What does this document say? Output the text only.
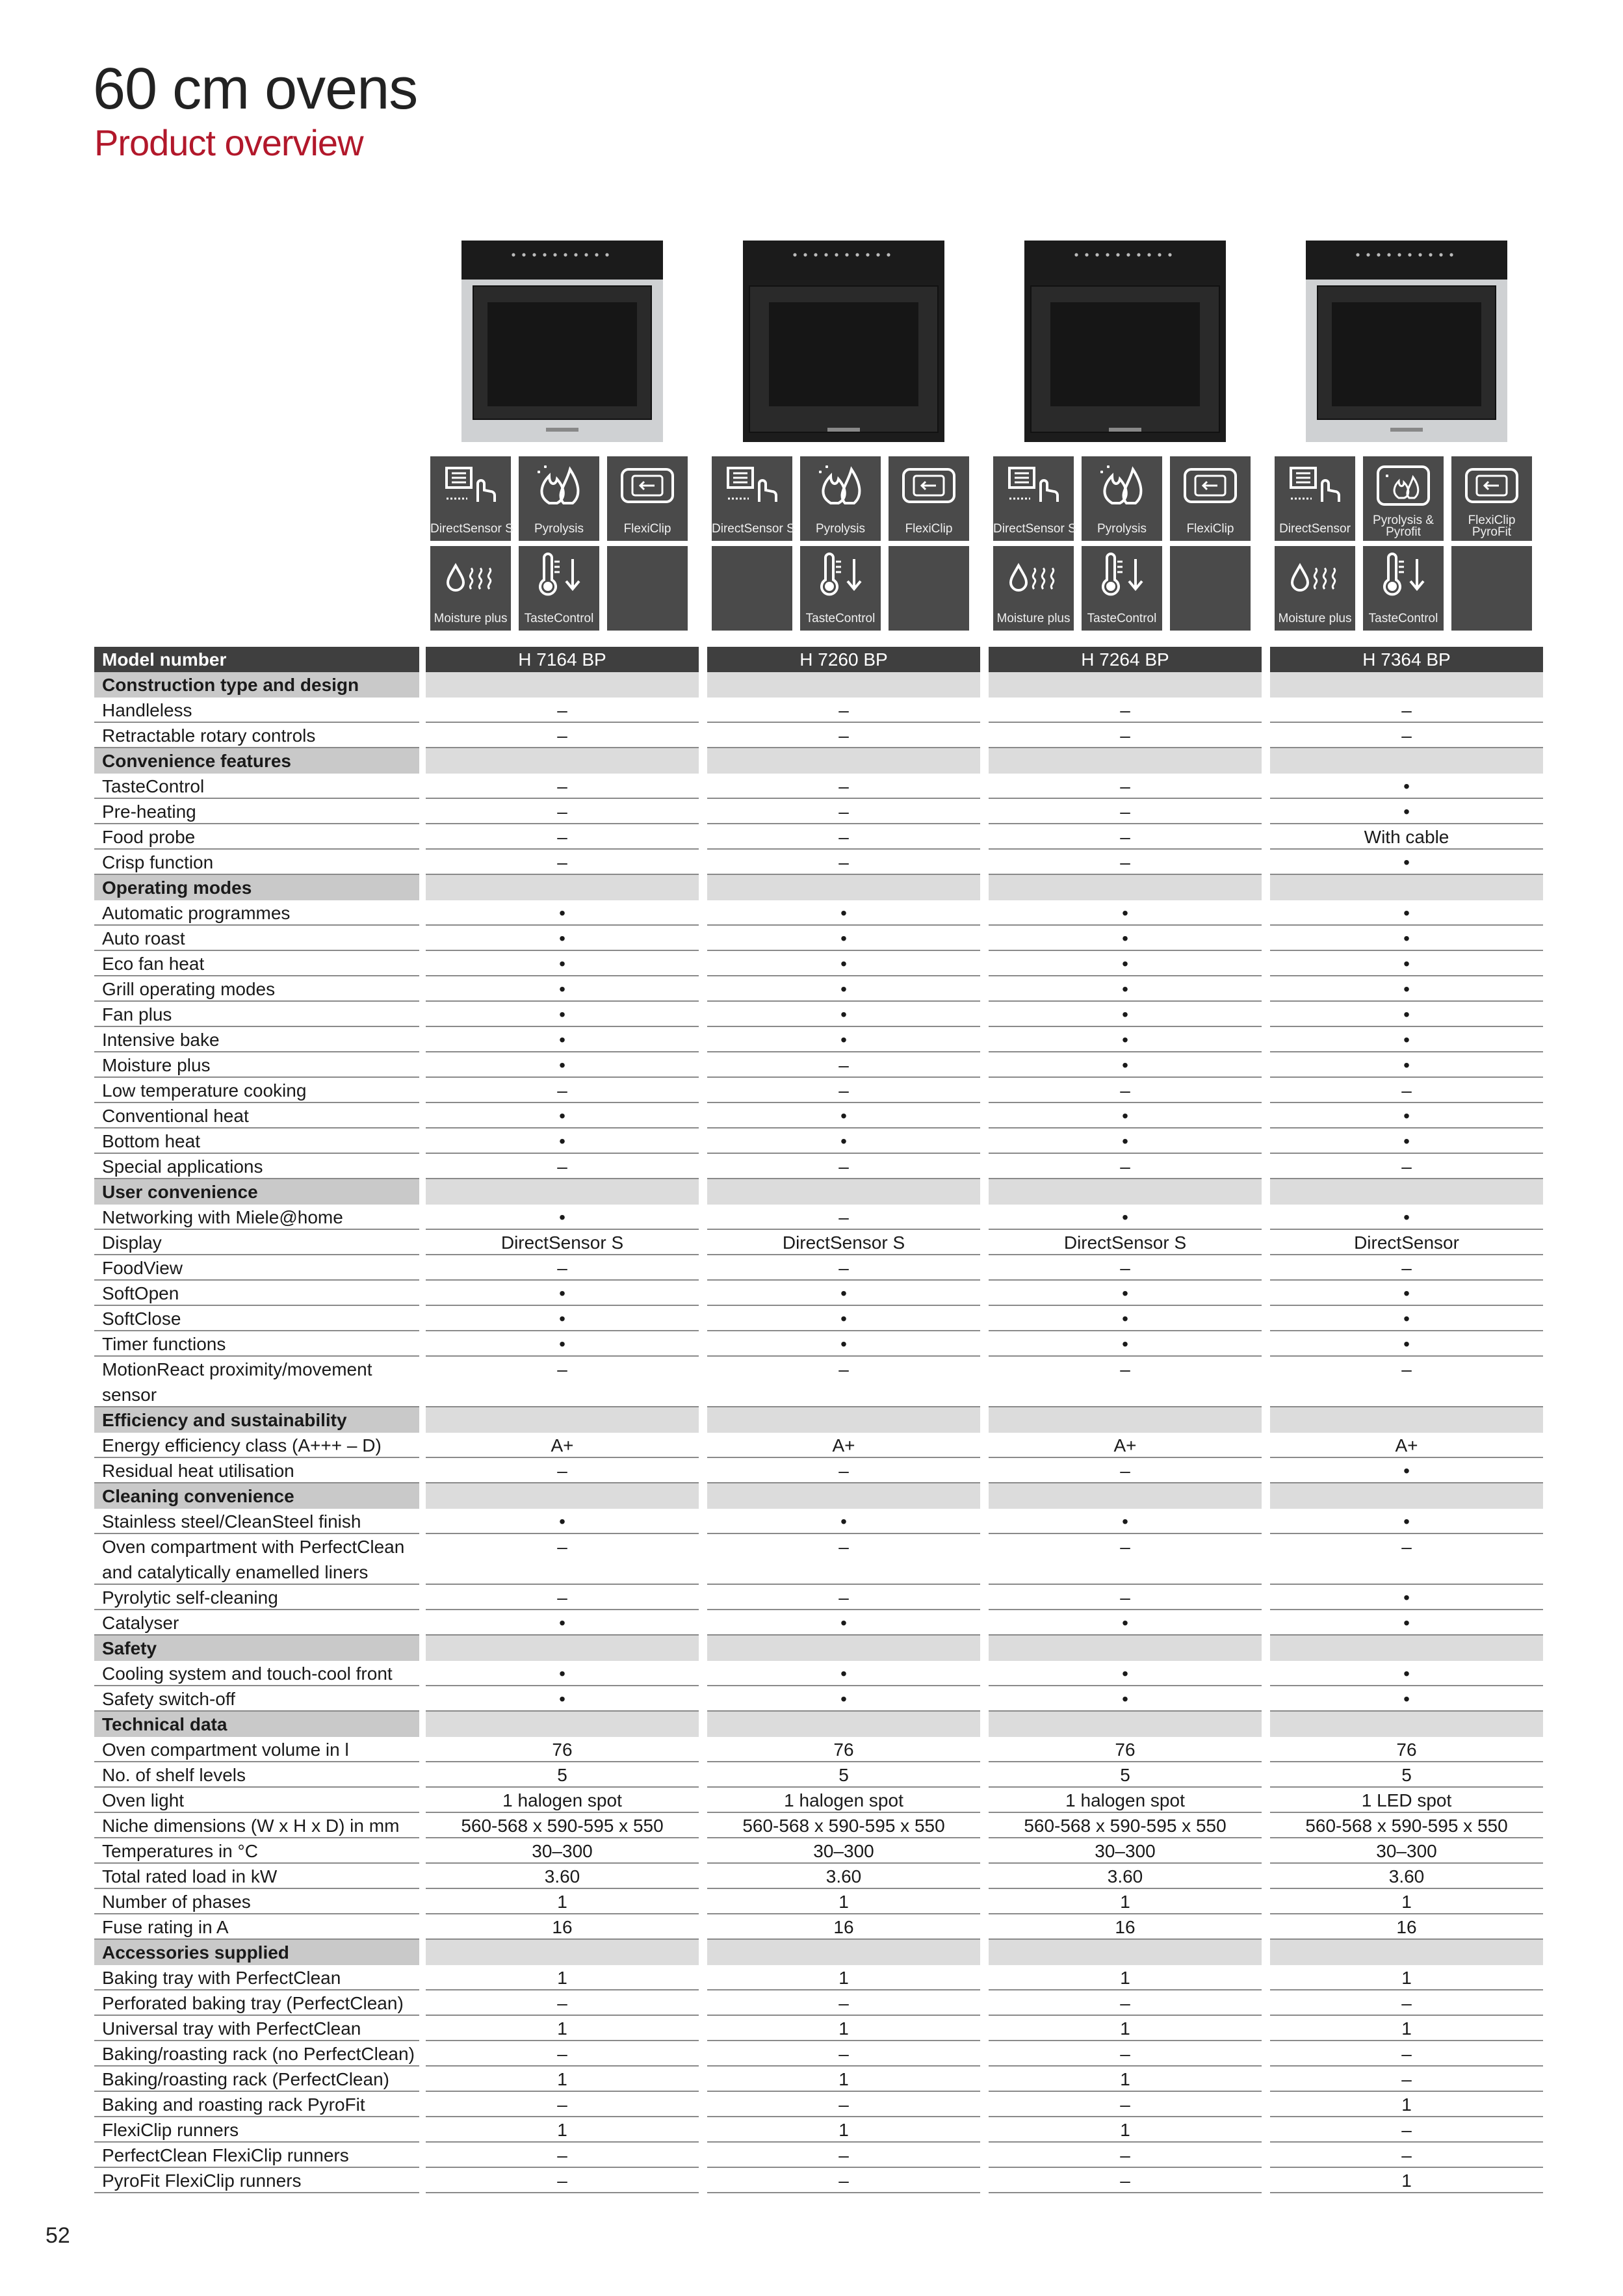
60 cm ovens
Product overview
DirectSensor S	Pyrolysis	FlexiClip
Moisture plus	TasteControl
DirectSensor S	Pyrolysis	FlexiClip
TasteControl
DirectSensor S	Pyrolysis	FlexiClip
Moisture plus	TasteControl
DirectSensor
Pyrolysis & Pyrofit
FlexiClip PyroFit
Moisture plus	TasteControl
Model number	H 7164 BP	H 7260 BP	H 7264 BP	H 7364 BP
Construction type and design
Handleless	–	–	–	–
Retractable rotary controls	–	–	–	–
Convenience features
TasteControl	–	–	–	•
Pre-heating	–	–	–	•
Food probe	–	–	–	With cable
Crisp function	–	–	–	•
Operating modes
Automatic programmes	•	•	•	•
Auto roast	•	•	•	•
Eco fan heat	•	•	•	•
Grill operating modes	•	•	•	•
Fan plus	•	•	•	•
Intensive bake	•	•	•	•
Moisture plus	•	–	•	•
Low temperature cooking	–	–	–	–
Conventional heat	•	•	•	•
Bottom heat	•	•	•	•
Special applications	–	–	–	–
User convenience
Networking with Miele@home	•	–	•	•
Display	DirectSensor S	DirectSensor S	DirectSensor S	DirectSensor
FoodView	–	–	–	–
SoftOpen	•	•	•	•
SoftClose	•	•	•	•
Timer functions	•	•	•	•
MotionReact proximity/movement sensor
–	–	–	–
Efficiency and sustainability
Energy efficiency class (A+++ – D)	A+	A+	A+	A+
Residual heat utilisation	–	–	–	•
Cleaning convenience
Stainless steel/CleanSteel finish	•	•	•	•
Oven compartment with PerfectClean and catalytically enamelled liners
–	–	–	–
Pyrolytic self-cleaning	–	–	–	•
Catalyser	•	•	•	•
Safety
Cooling system and touch-cool front	•	•	•	•
Safety switch-off	•	•	•	•
Technical data
Oven compartment volume in l	76	76	76	76
No. of shelf levels	5	5	5	5
Oven light	1 halogen spot	1 halogen spot	1 halogen spot	1 LED spot
Niche dimensions (W x H x D) in mm	560-568 x 590-595 x 550	560-568 x 590-595 x 550	560-568 x 590-595 x 550	560-568 x 590-595 x 550
Temperatures in °C	30–300	30–300	30–300	30–300
Total rated load in kW	3.60	3.60	3.60	3.60
Number of phases	1	1	1	1
Fuse rating in A	16	16	16	16
Accessories supplied
Baking tray with PerfectClean	1	1	1	1
Perforated baking tray (PerfectClean)	–	–	–	–
Universal tray with PerfectClean	1	1	1	1
Baking/roasting rack (no PerfectClean)	–	–	–	–
Baking/roasting rack (PerfectClean)	1	1	1	–
Baking and roasting rack PyroFit	–	–	–	1
FlexiClip runners	1	1	1	–
PerfectClean FlexiClip runners	–	–	–	–
PyroFit FlexiClip runners	–	–	–	1
52
